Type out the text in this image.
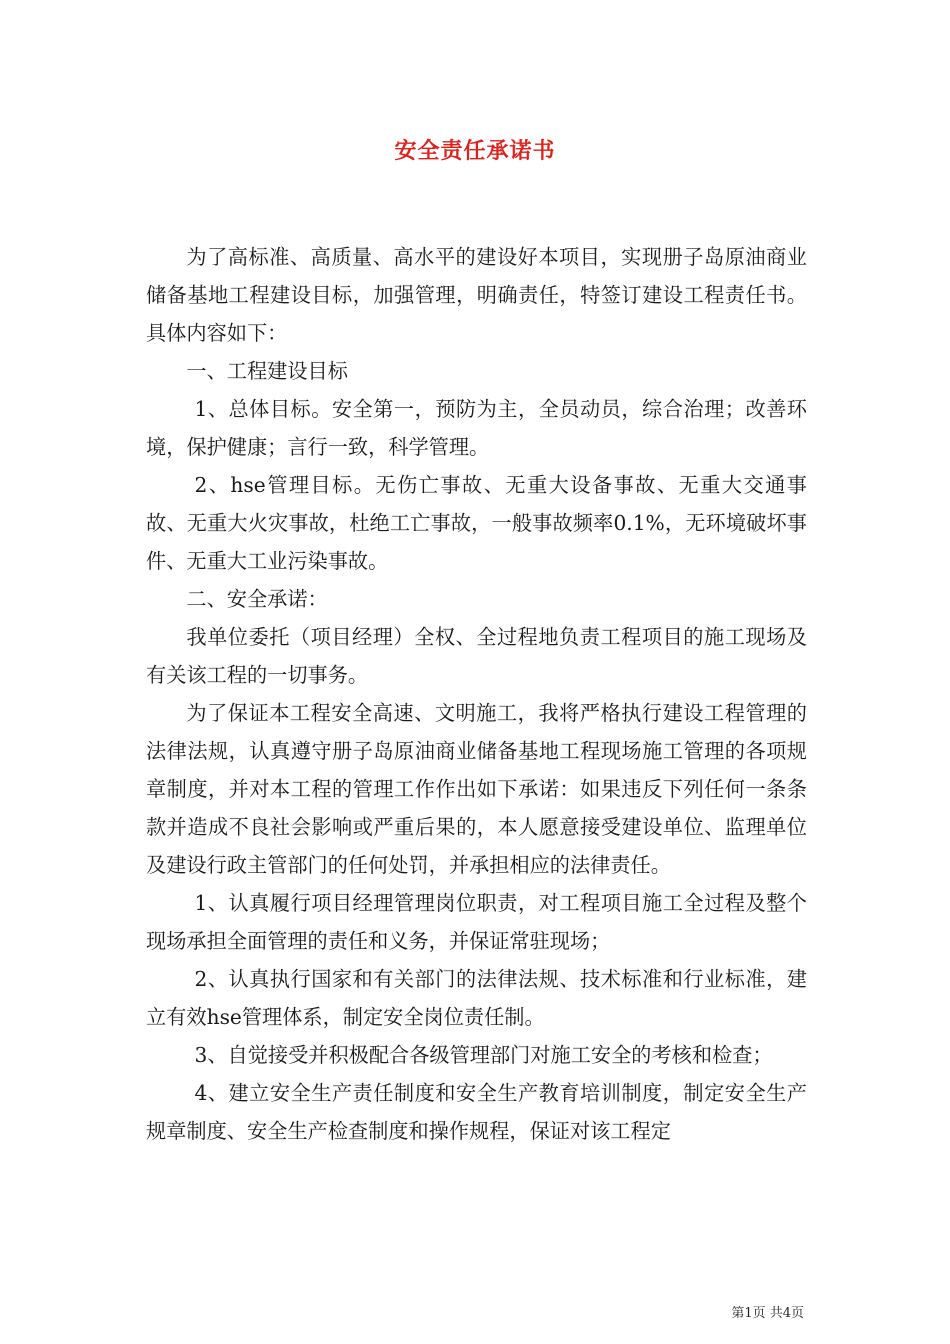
安全责任承诺书

为了高标准、高质量、高水平的建设好本项目，实现册子岛原油商业储备基地工程建设目标，加强管理，明确责任，特签订建设工程责任书。具体内容如下：

一、工程建设目标

1、总体目标。安全第一，预防为主，全员动员，综合治理；改善环境，保护健康；言行一致，科学管理。

2、hse管理目标。无伤亡事故、无重大设备事故、无重大交通事故、无重大火灾事故，杜绝工亡事故，一般事故频率0.1%，无环境破坏事件、无重大工业污染事故。

二、安全承诺：

我单位委托（项目经理）全权、全过程地负责工程项目的施工现场及有关该工程的一切事务。

为了保证本工程安全高速、文明施工，我将严格执行建设工程管理的法律法规，认真遵守册子岛原油商业储备基地工程现场施工管理的各项规章制度，并对本工程的管理工作作出如下承诺：如果违反下列任何一条条款并造成不良社会影响或严重后果的，本人愿意接受建设单位、监理单位及建设行政主管部门的任何处罚，并承担相应的法律责任。

1、认真履行项目经理管理岗位职责，对工程项目施工全过程及整个现场承担全面管理的责任和义务，并保证常驻现场；

2、认真执行国家和有关部门的法律法规、技术标准和行业标准，建立有效hse管理体系，制定安全岗位责任制。

3、自觉接受并积极配合各级管理部门对施工安全的考核和检查；

4、建立安全生产责任制度和安全生产教育培训制度，制定安全生产规章制度、安全生产检查制度和操作规程，保证对该工程定

第1页 共4页
